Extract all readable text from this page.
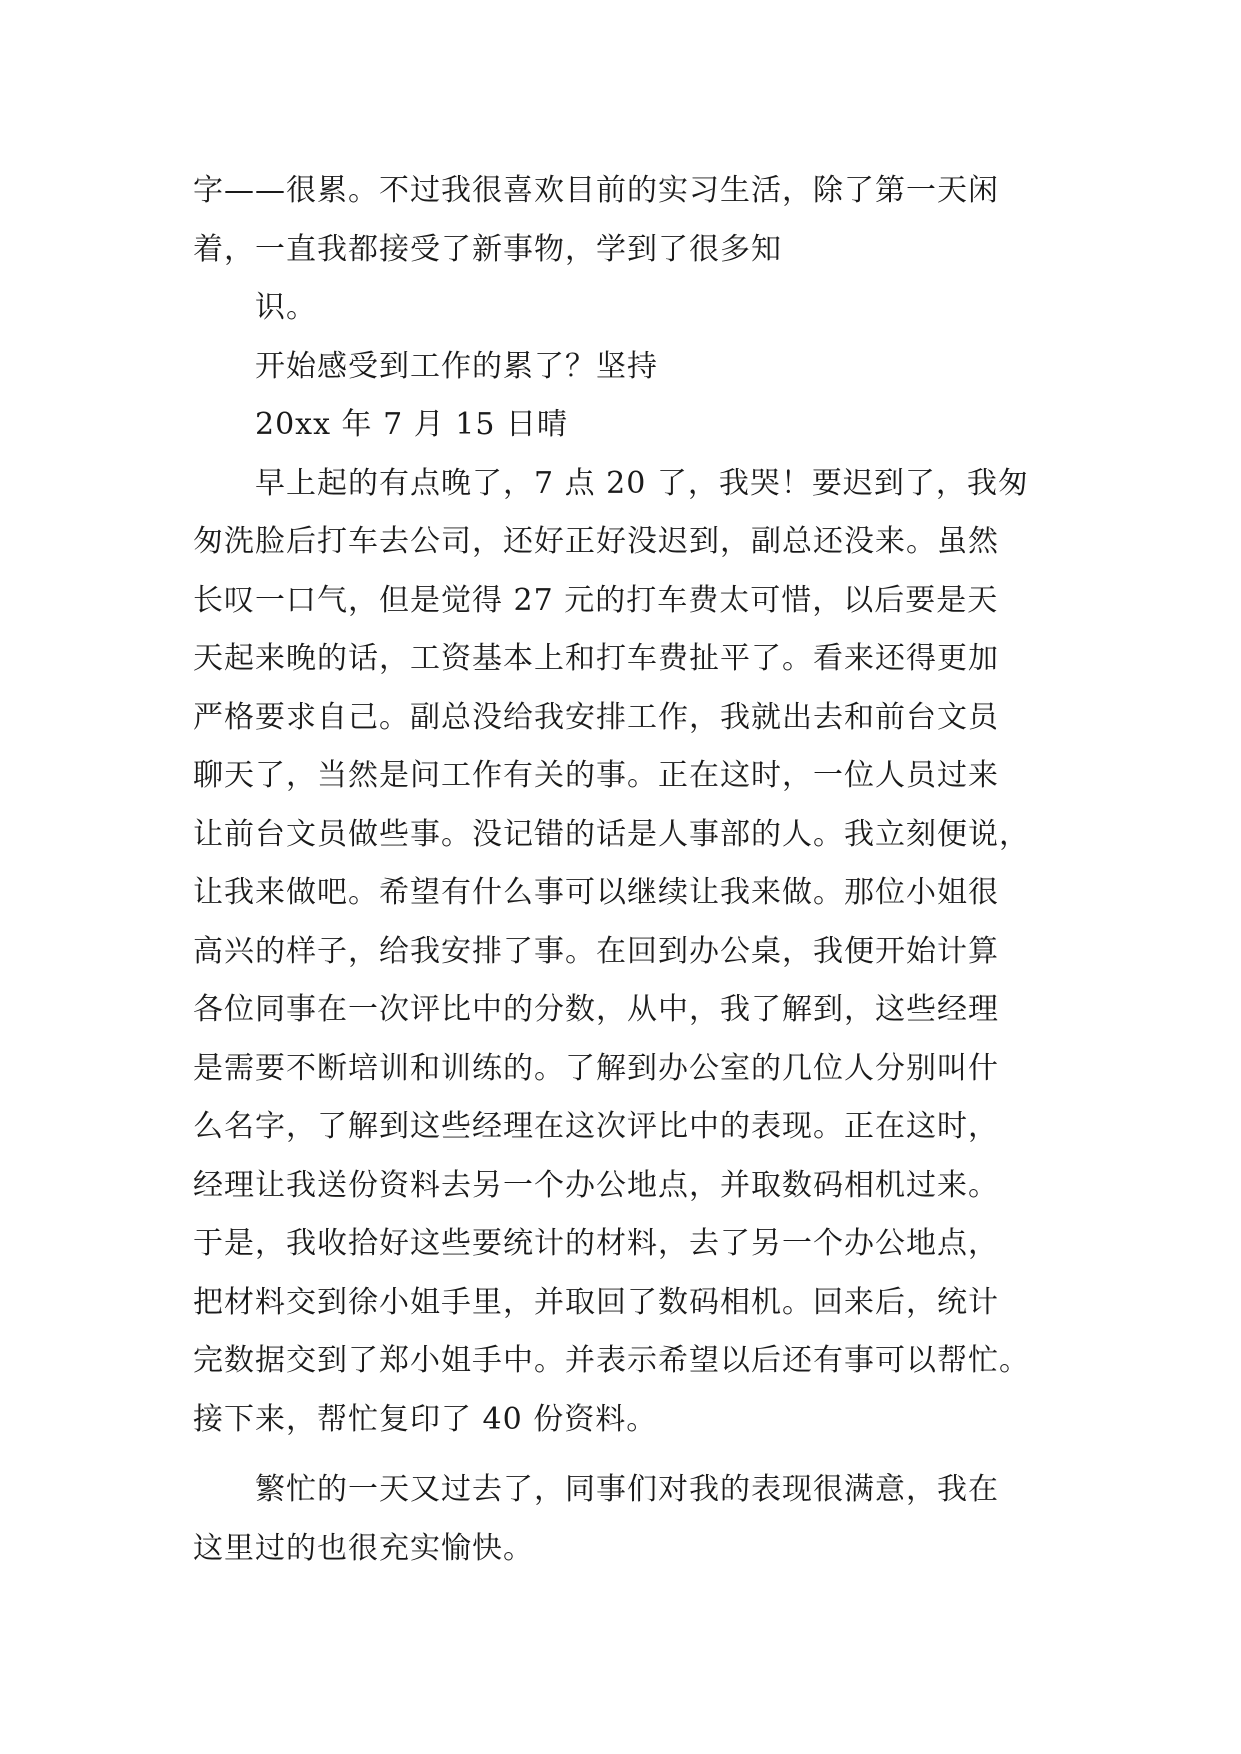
字——很累。不过我很喜欢目前的实习生活，除了第一天闲
着，一直我都接受了新事物，学到了很多知
识。
开始感受到工作的累了？坚持
20xx 年 7 月 15 日晴
早上起的有点晚了，7 点 20 了，我哭！要迟到了，我匆
匆洗脸后打车去公司，还好正好没迟到，副总还没来。虽然
长叹一口气，但是觉得 27 元的打车费太可惜，以后要是天
天起来晚的话，工资基本上和打车费扯平了。看来还得更加
严格要求自己。副总没给我安排工作，我就出去和前台文员
聊天了，当然是问工作有关的事。正在这时，一位人员过来
让前台文员做些事。没记错的话是人事部的人。我立刻便说，
让我来做吧。希望有什么事可以继续让我来做。那位小姐很
高兴的样子，给我安排了事。在回到办公桌，我便开始计算
各位同事在一次评比中的分数，从中，我了解到，这些经理
是需要不断培训和训练的。了解到办公室的几位人分别叫什
么名字，了解到这些经理在这次评比中的表现。正在这时，
经理让我送份资料去另一个办公地点，并取数码相机过来。
于是，我收拾好这些要统计的材料，去了另一个办公地点，
把材料交到徐小姐手里，并取回了数码相机。回来后，统计
完数据交到了郑小姐手中。并表示希望以后还有事可以帮忙。
接下来，帮忙复印了 40 份资料。
繁忙的一天又过去了，同事们对我的表现很满意，我在
这里过的也很充实愉快。
